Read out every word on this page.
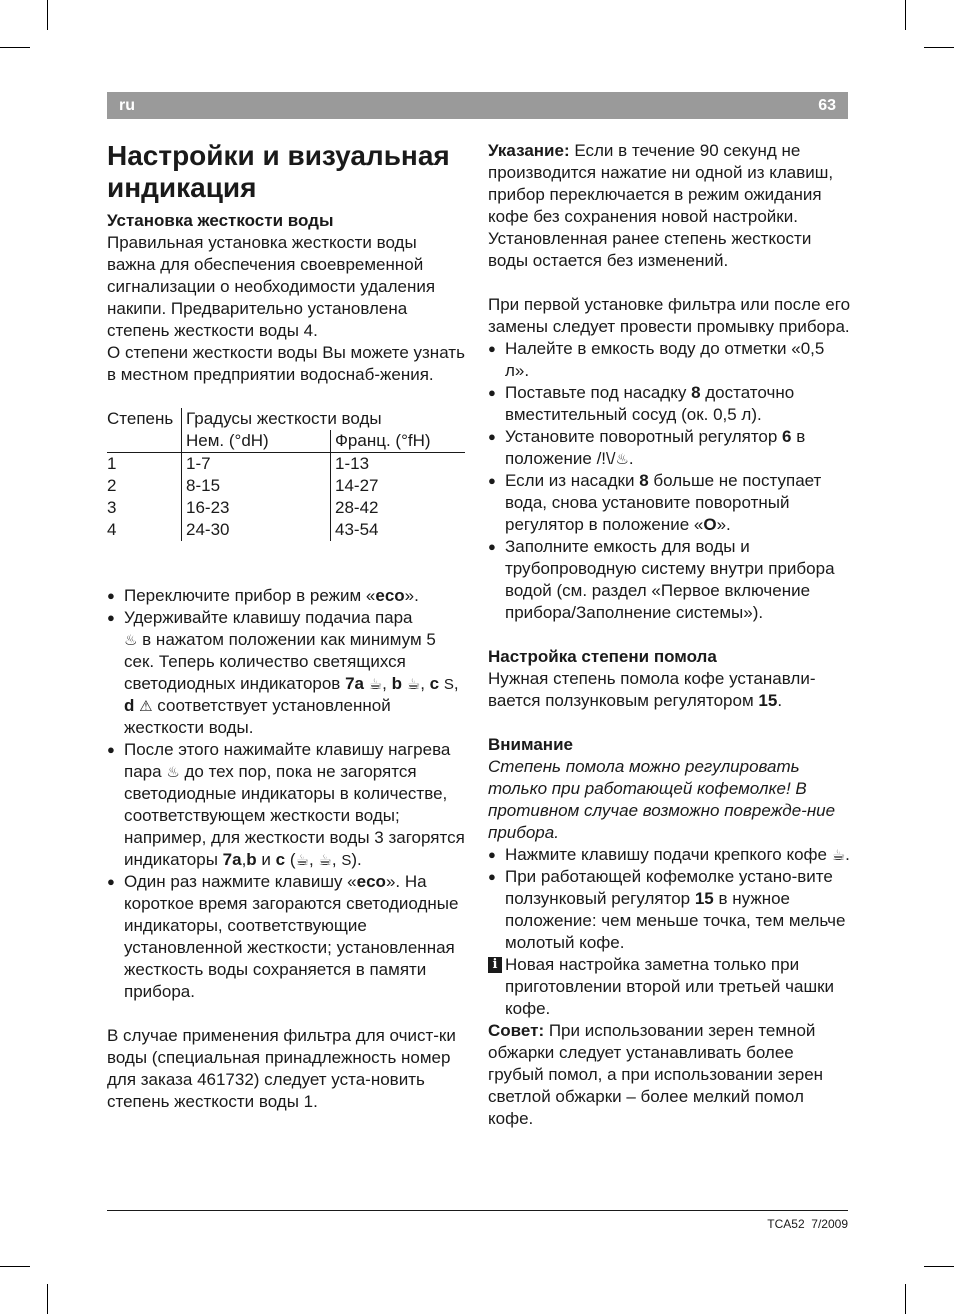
ru	63
Настройки и визуальная индикация
Установка жесткости воды
Правильная установка жесткости воды важна для обеспечения своевременной сигнализации о необходимости удаления накипи. Предварительно установлена степень жесткости воды 4.
О степени жесткости воды Вы можете узнать в местном предприятии водоснаб-жения.
Степень	Градусы жесткости воды	
	Нем. (°dH)	Франц. (°fH)
1	1-7	1-13
2	8-15	14-27
3	16-23	28-42
4	24-30	43-54
● Переключите прибор в режим «eco».
● Удерживайте клавишу подачиа пара
♨ в нажатом положении как минимум 5 сек. Теперь количество светящихся светодиодных индикаторов 7a ☕, b ☕, c S, d ⚠ соответствует установленной жесткости воды.
● После этого нажимайте клавишу нагрева пара ♨ до тех пор, пока не загорятся светодиодные индикаторы в количестве, соответствующем жесткости воды; например, для жесткости воды 3 загорятся индикаторы 7a,b и c (☕, ☕, S).
● Один раз нажмите клавишу «eco». На короткое время загораются светодиодные индикаторы, соответствующие установленной жесткости; установленная жесткость воды сохраняется в памяти прибора.
В случае применения фильтра для очист-ки воды (специальная принадлежность номер для заказа 461732) следует уста-новить степень жесткости воды 1.
Указание: Если в течение 90 секунд не производится нажатие ни одной из клавиш, прибор переключается в режим ожидания кофе без сохранения новой настройки. Установленная ранее степень жесткости воды остается без изменений.
При первой установке фильтра или после его замены следует провести промывку прибора.
● Налейте в емкость воду до отметки «0,5 л».
● Поставьте под насадку 8 достаточно вместительный сосуд (ок. 0,5 л).
● Установите поворотный регулятор 6 в положение /!\/♨.
● Если из насадки 8 больше не поступает вода, снова установите поворотный регулятор в положение «O».
● Заполните емкость для воды и трубопроводную систему внутри прибора водой (см. раздел «Первое включение прибора/Заполнение системы»).
Настройка степени помола
Нужная степень помола кофе устанавли-вается ползунковым регулятором 15.
Внимание
Степень помола можно регулировать только при работающей кофемолке! В противном случае возможно поврежде-ние прибора.
● Нажмите клавишу подачи крепкого кофе ☕.
● При работающей кофемолке устано-вите ползунковый регулятор 15 в нужное положение: чем меньше точка, тем мельче молотый кофе.
i Новая настройка заметна только при приготовлении второй или третьей чашки кофе.
Совет: При использовании зерен темной обжарки следует устанавливать более грубый помол, а при использовании зерен светлой обжарки – более мелкий помол кофе.
TCA52 7/2009
